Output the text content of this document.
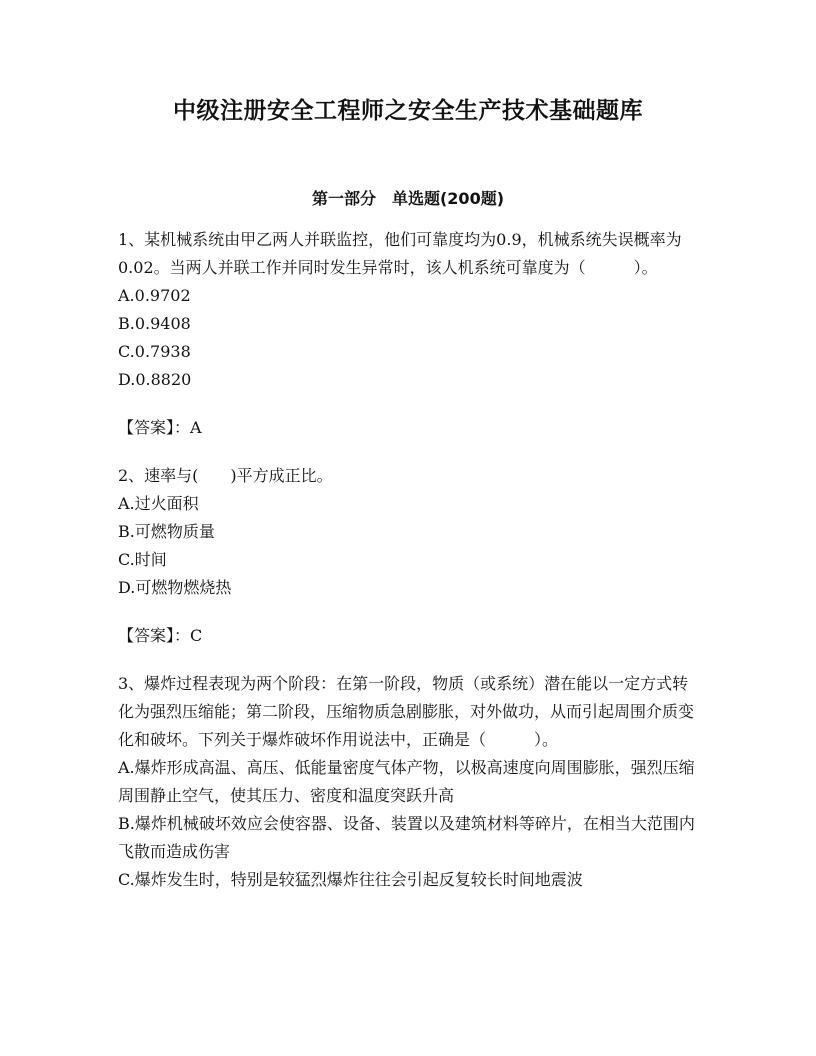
中级注册安全工程师之安全生产技术基础题库
第一部分　单选题(200题)

1、某机械系统由甲乙两人并联监控，他们可靠度均为0.9，机械系统失误概率为0.02。当两人并联工作并同时发生异常时，该人机系统可靠度为（　　　）。

A.0.9702

B.0.9408

C.0.7938

D.0.8820

【答案】：A

2、速率与(　　)平方成正比。

A.过火面积

B.可燃物质量

C.时间

D.可燃物燃烧热

【答案】：C

3、爆炸过程表现为两个阶段：在第一阶段，物质（或系统）潜在能以一定方式转化为强烈压缩能；第二阶段，压缩物质急剧膨胀，对外做功，从而引起周围介质变化和破坏。下列关于爆炸破坏作用说法中，正确是（　　　）。

A.爆炸形成高温、高压、低能量密度气体产物，以极高速度向周围膨胀，强烈压缩周围静止空气，使其压力、密度和温度突跃升高

B.爆炸机械破坏效应会使容器、设备、装置以及建筑材料等碎片，在相当大范围内飞散而造成伤害

C.爆炸发生时，特别是较猛烈爆炸往往会引起反复较长时间地震波
